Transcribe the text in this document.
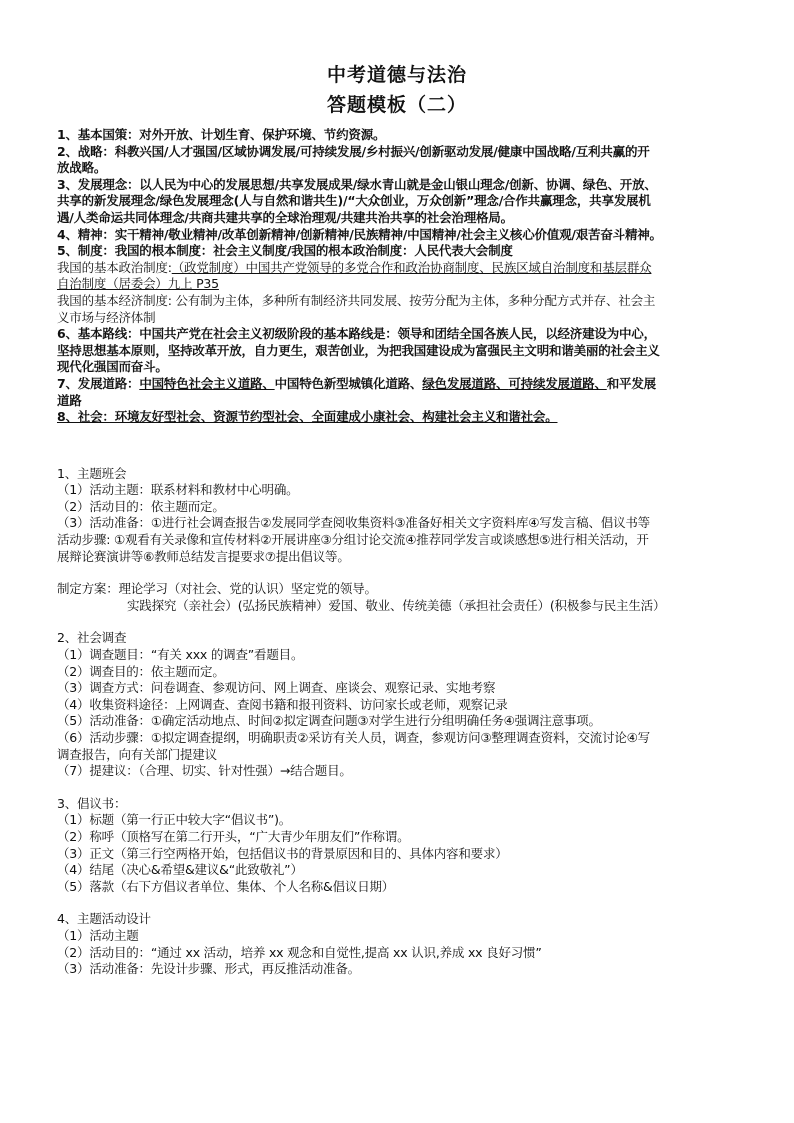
中考道德与法治
答题模板（二）
1、基本国策：对外开放、计划生育、保护环境、节约资源。
2、战略：科教兴国/人才强国/区域协调发展/可持续发展/乡村振兴/创新驱动发展/健康中国战略/互利共赢的开
放战略。
3、发展理念：以人民为中心的发展思想/共享发展成果/绿水青山就是金山银山理念/创新、协调、绿色、开放、
共享的新发展理念/绿色发展理念(人与自然和谐共生)/“大众创业，万众创新”理念/合作共赢理念，共享发展机
遇/人类命运共同体理念/共商共建共享的全球治理观/共建共治共享的社会治理格局。
4、精神：实干精神/敬业精神/改革创新精神/创新精神/民族精神/中国精神/社会主义核心价值观/艰苦奋斗精神。
5、制度：我国的根本制度：社会主义制度/我国的根本政治制度：人民代表大会制度
我国的基本政治制度:（政党制度）中国共产党领导的多党合作和政治协商制度、民族区域自治制度和基层群众
自治制度（居委会）九上 P35
我国的基本经济制度: 公有制为主体，多种所有制经济共同发展、按劳分配为主体，多种分配方式并存、社会主
义市场与经济体制
6、基本路线：中国共产党在社会主义初级阶段的基本路线是：领导和团结全国各族人民，以经济建设为中心，
坚持思想基本原则，坚持改革开放，自力更生，艰苦创业，为把我国建设成为富强民主文明和谐美丽的社会主义
现代化强国而奋斗。
7、发展道路：中国特色社会主义道路、中国特色新型城镇化道路、绿色发展道路、可持续发展道路、和平发展
道路
8、社会：环境友好型社会、资源节约型社会、全面建成小康社会、构建社会主义和谐社会。
1、主题班会
（1）活动主题：联系材料和教材中心明确。
（2）活动目的：依主题而定。
（3）活动准备：①进行社会调查报告②发展同学查阅收集资料③准备好相关文字资料库④写发言稿、倡议书等
活动步骤: ①观看有关录像和宣传材料②开展讲座③分组讨论交流④推荐同学发言或谈感想⑤进行相关活动，开
展辩论赛演讲等⑥教师总结发言提要求⑦提出倡议等。
制定方案：理论学习（对社会、党的认识）坚定党的领导。
实践探究（亲社会）(弘扬民族精神）爱国、敬业、传统美德（承担社会责任）(积极参与民主生活）
2、社会调查
（1）调查题目：“有关 xxx 的调查”看题目。
（2）调查目的：依主题而定。
（3）调查方式：问卷调查、参观访问、网上调查、座谈会、观察记录、实地考察
（4）收集资料途径：上网调查、查阅书籍和报刊资料、访问家长或老师，观察记录
（5）活动准备：①确定活动地点、时间②拟定调查问题③对学生进行分组明确任务④强调注意事项。
（6）活动步骤：①拟定调查提纲，明确职责②采访有关人员，调查，参观访问③整理调查资料，交流讨论④写
调查报告，向有关部门提建议
（7）提建议：（合理、切实、针对性强）→结合题目。
3、倡议书：
（1）标题（第一行正中较大字“倡议书”)。
（2）称呼（顶格写在第二行开头，“广大青少年朋友们”作称谓。
（3）正文（第三行空两格开始，包括倡议书的背景原因和目的、具体内容和要求）
（4）结尾（决心&希望&建议&“此致敬礼”）
（5）落款（右下方倡议者单位、集体、个人名称&倡议日期）
4、主题活动设计
（1）活动主题
（2）活动目的：“通过 xx 活动，培养 xx 观念和自觉性,提高 xx 认识,养成 xx 良好习惯”
（3）活动准备：先设计步骤、形式，再反推活动准备。
